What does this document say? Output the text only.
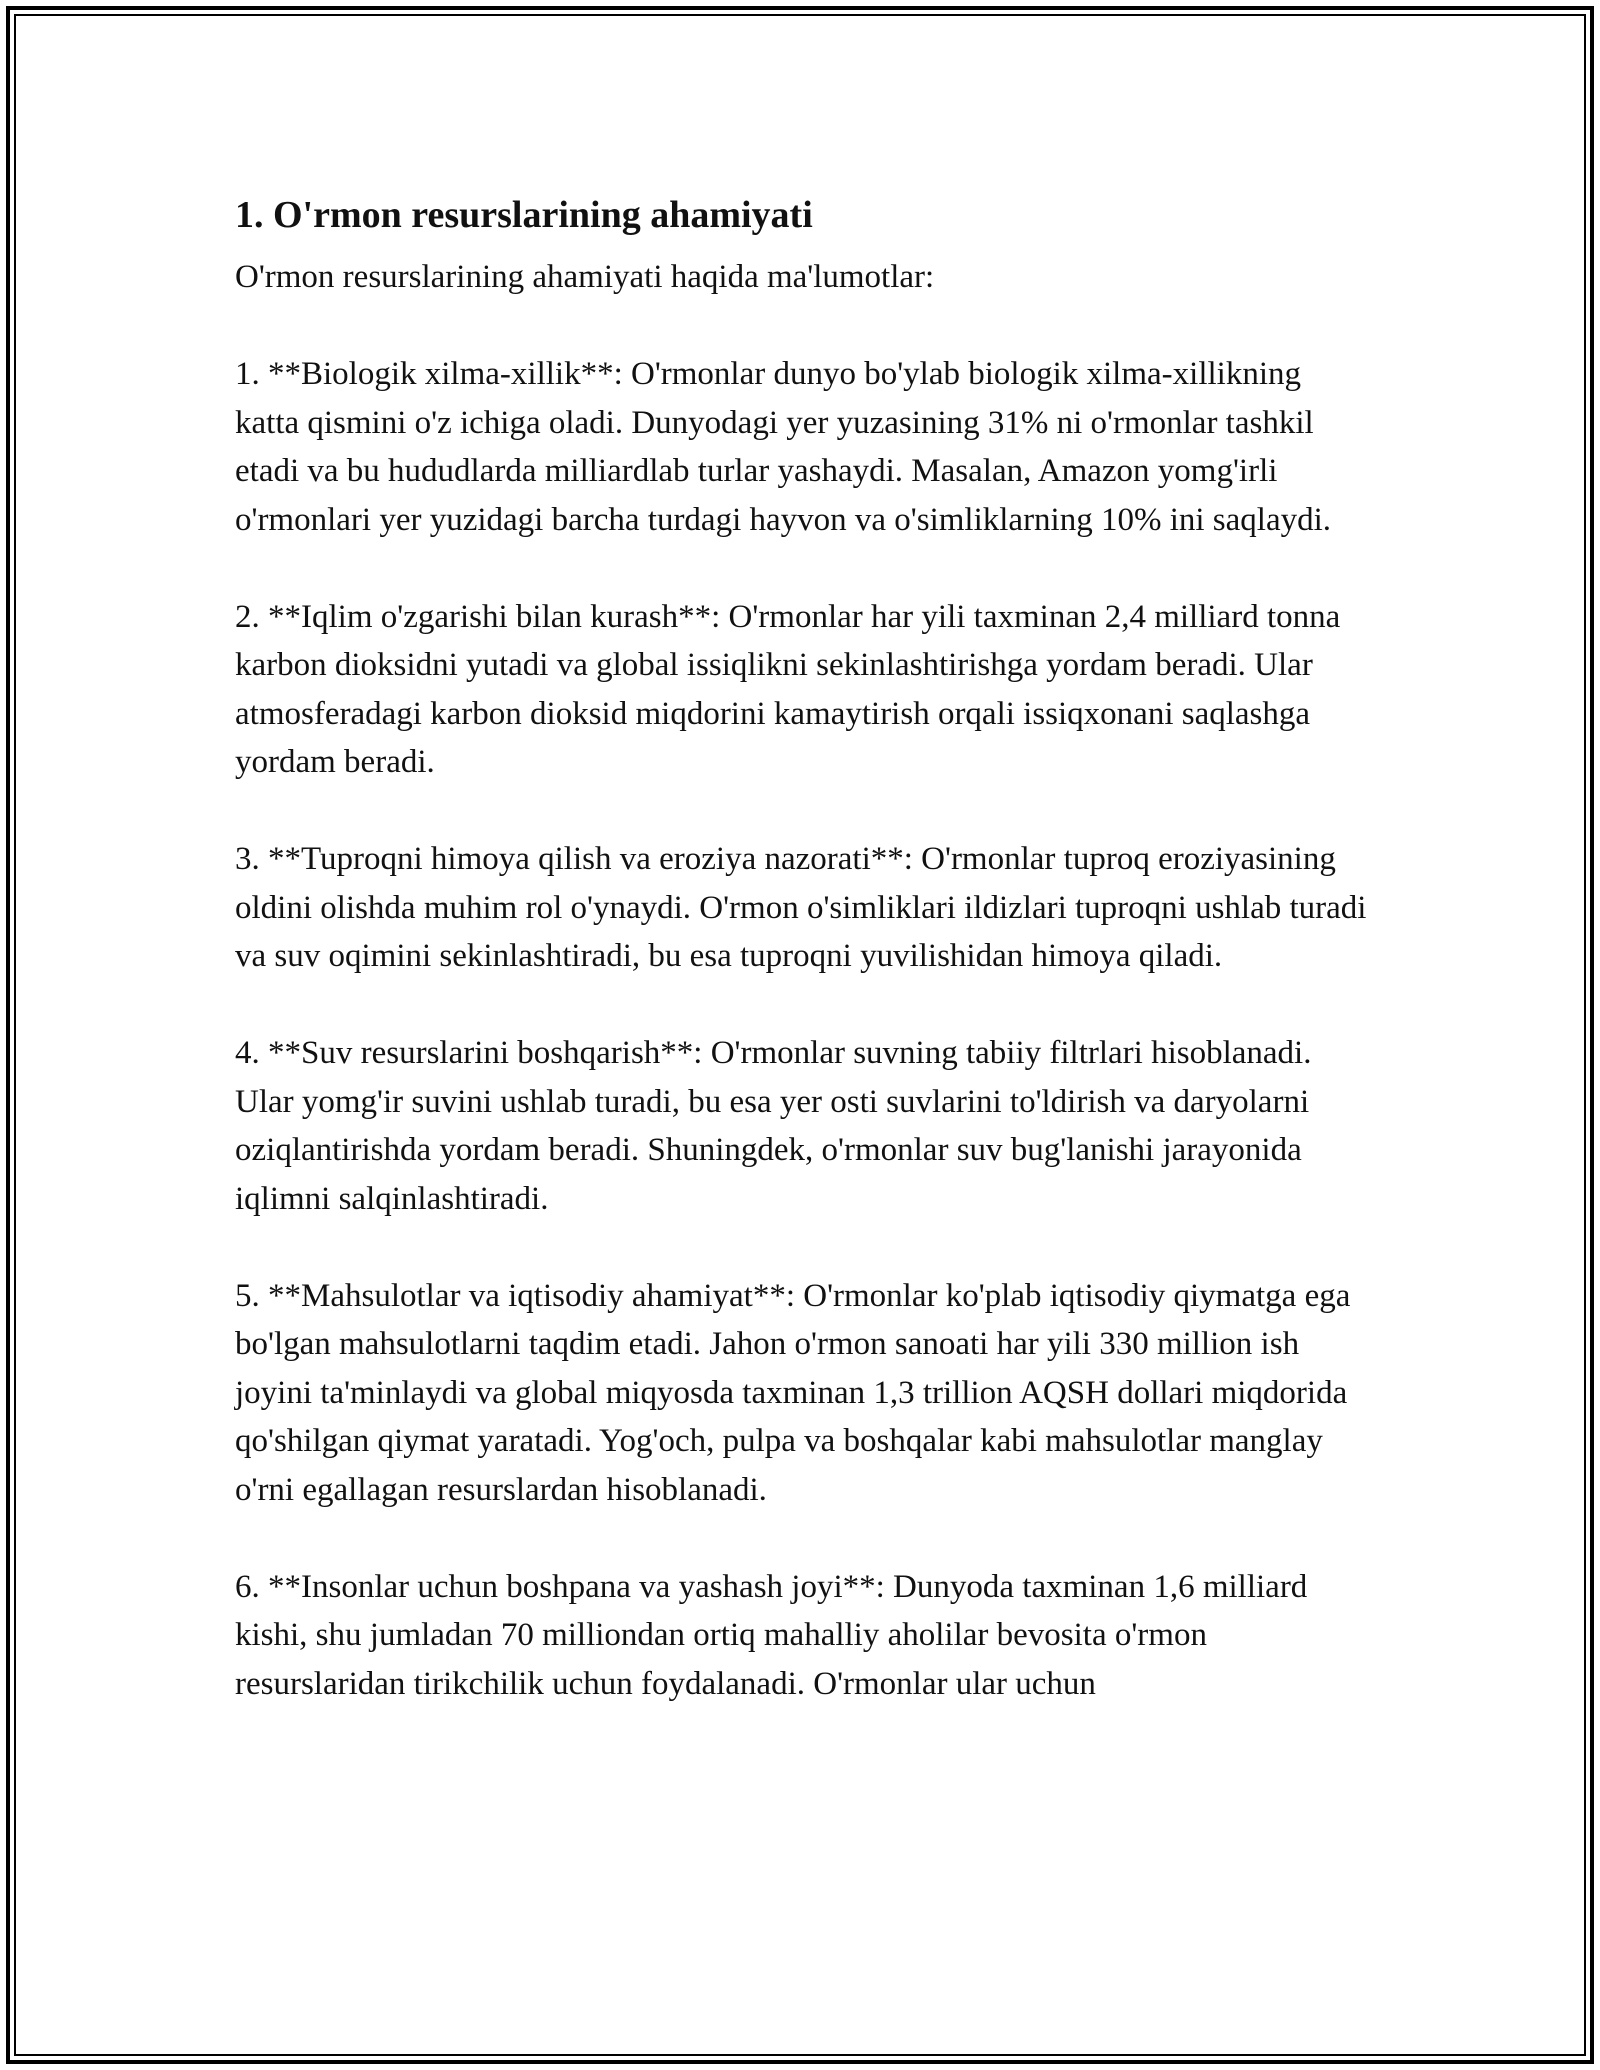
1. O'rmon resurslarining ahamiyati

O'rmon resurslarining ahamiyati haqida ma'lumotlar:

1. **Biologik xilma-xillik**: O'rmonlar dunyo bo'ylab biologik xilma-xillikning katta qismini o'z ichiga oladi. Dunyodagi yer yuzasining 31% ni o'rmonlar tashkil etadi va bu hududlarda milliardlab turlar yashaydi. Masalan, Amazon yomg'irli o'rmonlari yer yuzidagi barcha turdagi hayvon va o'simliklarning 10% ini saqlaydi.

2. **Iqlim o'zgarishi bilan kurash**: O'rmonlar har yili taxminan 2,4 milliard tonna karbon dioksidni yutadi va global issiqlikni sekinlashtirishga yordam beradi. Ular atmosferadagi karbon dioksid miqdorini kamaytirish orqali issiqxonani saqlashga yordam beradi.

3. **Tuproqni himoya qilish va eroziya nazorati**: O'rmonlar tuproq eroziyasining oldini olishda muhim rol o'ynaydi. O'rmon o'simliklari ildizlari tuproqni ushlab turadi va suv oqimini sekinlashtiradi, bu esa tuproqni yuvilishidan himoya qiladi.

4. **Suv resurslarini boshqarish**: O'rmonlar suvning tabiiy filtrlari hisoblanadi. Ular yomg'ir suvini ushlab turadi, bu esa yer osti suvlarini to'ldirish va daryolarni oziqlantirishda yordam beradi. Shuningdek, o'rmonlar suv bug'lanishi jarayonida iqlimni salqinlashtiradi.

5. **Mahsulotlar va iqtisodiy ahamiyat**: O'rmonlar ko'plab iqtisodiy qiymatga ega bo'lgan mahsulotlarni taqdim etadi. Jahon o'rmon sanoati har yili 330 million ish joyini ta'minlaydi va global miqyosda taxminan 1,3 trillion AQSH dollari miqdorida qo'shilgan qiymat yaratadi. Yog'och, pulpa va boshqalar kabi mahsulotlar manglay o'rni egallagan resurslardan hisoblanadi.

6. **Insonlar uchun boshpana va yashash joyi**: Dunyoda taxminan 1,6 milliard kishi, shu jumladan 70 milliondan ortiq mahalliy aholilar bevosita o'rmon resurslaridan tirikchilik uchun foydalanadi. O'rmonlar ular uchun
